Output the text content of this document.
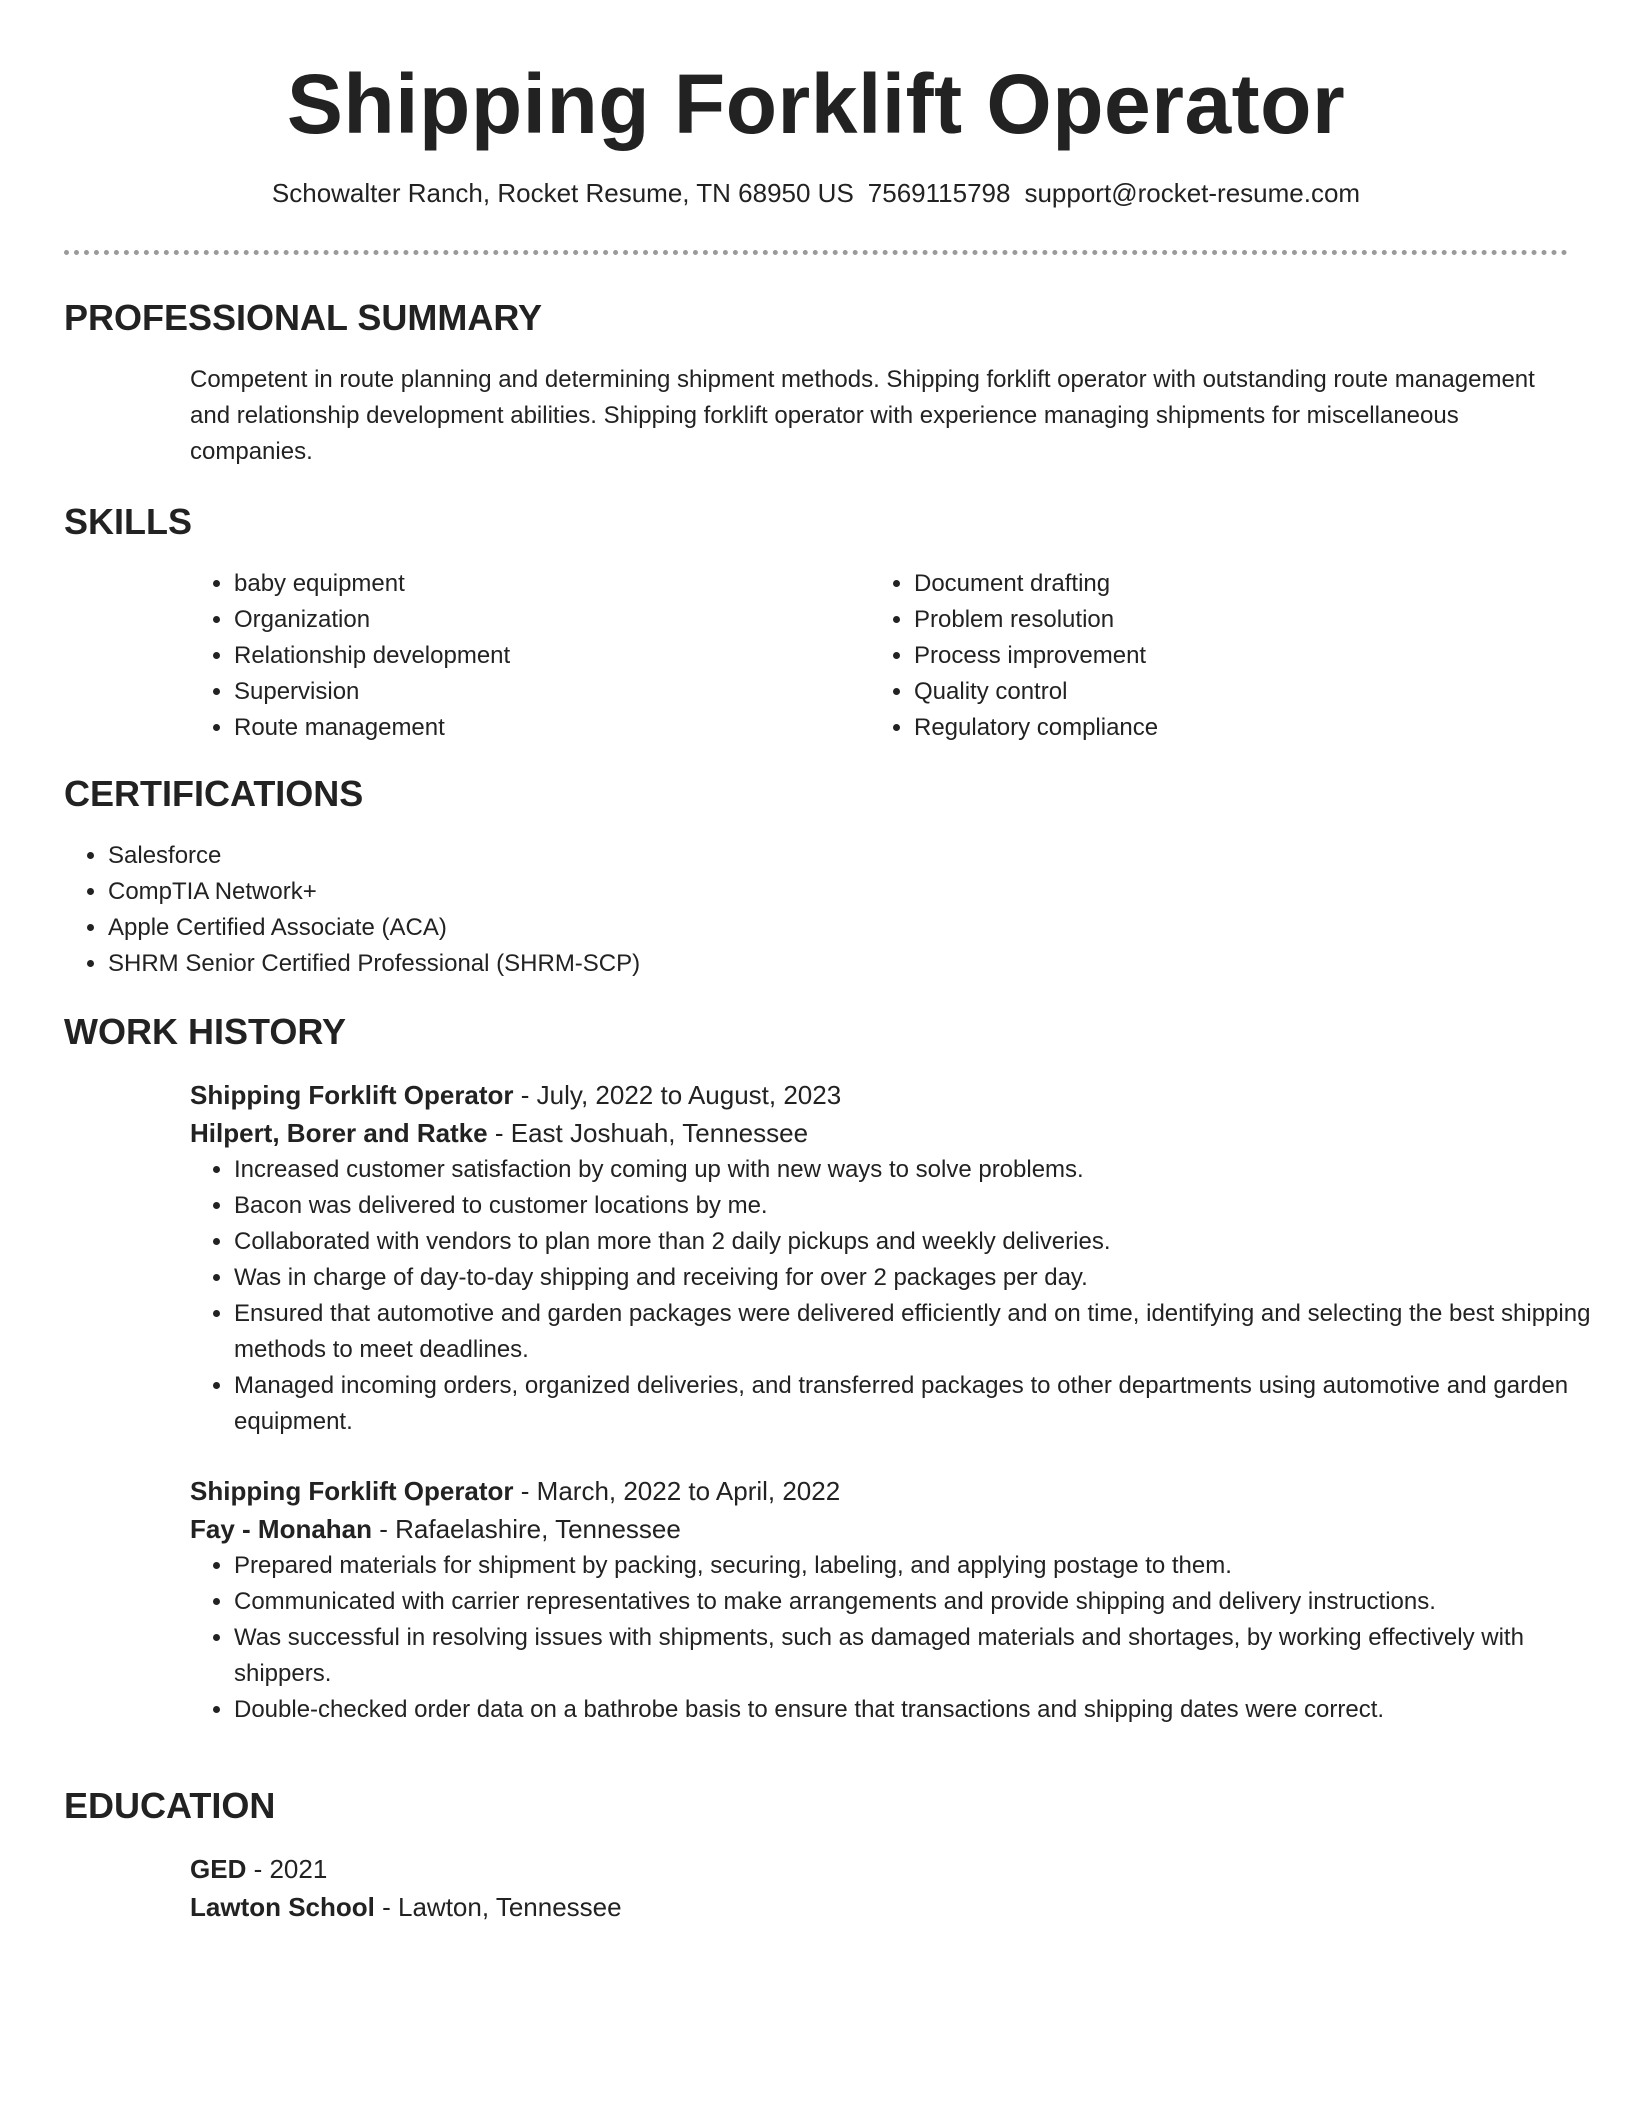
Shipping Forklift Operator
Schowalter Ranch, Rocket Resume, TN 68950 US 7569115798 support@rocket-resume.com
PROFESSIONAL SUMMARY
Competent in route planning and determining shipment methods. Shipping forklift operator with outstanding route management and relationship development abilities. Shipping forklift operator with experience managing shipments for miscellaneous companies.
SKILLS
• baby equipment
• Organization
• Relationship development
• Supervision
• Route management
• Document drafting
• Problem resolution
• Process improvement
• Quality control
• Regulatory compliance
CERTIFICATIONS
• Salesforce
• CompTIA Network+
• Apple Certified Associate (ACA)
• SHRM Senior Certified Professional (SHRM-SCP)
WORK HISTORY
Shipping Forklift Operator - July, 2022 to August, 2023
Hilpert, Borer and Ratke - East Joshuah, Tennessee
• Increased customer satisfaction by coming up with new ways to solve problems.
• Bacon was delivered to customer locations by me.
• Collaborated with vendors to plan more than 2 daily pickups and weekly deliveries.
• Was in charge of day-to-day shipping and receiving for over 2 packages per day.
• Ensured that automotive and garden packages were delivered efficiently and on time, identifying and selecting the best shipping methods to meet deadlines.
• Managed incoming orders, organized deliveries, and transferred packages to other departments using automotive and garden equipment.
Shipping Forklift Operator - March, 2022 to April, 2022
Fay - Monahan - Rafaelashire, Tennessee
• Prepared materials for shipment by packing, securing, labeling, and applying postage to them.
• Communicated with carrier representatives to make arrangements and provide shipping and delivery instructions.
• Was successful in resolving issues with shipments, such as damaged materials and shortages, by working effectively with shippers.
• Double-checked order data on a bathrobe basis to ensure that transactions and shipping dates were correct.
EDUCATION
GED - 2021
Lawton School - Lawton, Tennessee
